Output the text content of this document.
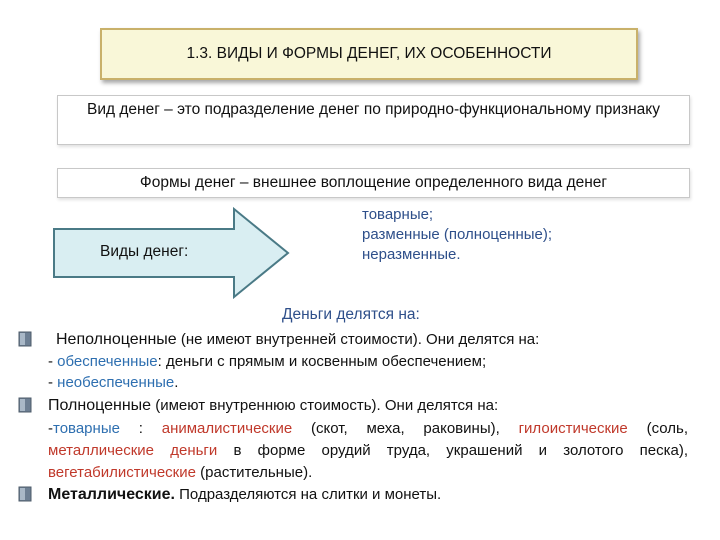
1.3. ВИДЫ И ФОРМЫ ДЕНЕГ, ИХ ОСОБЕННОСТИ
Вид денег – это подразделение денег по природно-функциональному признаку
Формы денег – внешнее воплощение определенного вида денег
Виды денег:
товарные;
разменные (полноценные);
неразменные.
Деньги делятся на:
Неполноценные (не имеют внутренней стоимости). Они делятся на:
- обеспеченные: деньги с прямым и косвенным обеспечением;
- необеспеченные.
Полноценные (имеют внутреннюю стоимость). Они делятся на:
-товарные : анималистические (скот, меха, раковины), гилоистические (соль, металлические деньги в форме орудий труда, украшений и золотого песка), вегетабилистические (растительные).
Металлические. Подразделяются на слитки и монеты.
